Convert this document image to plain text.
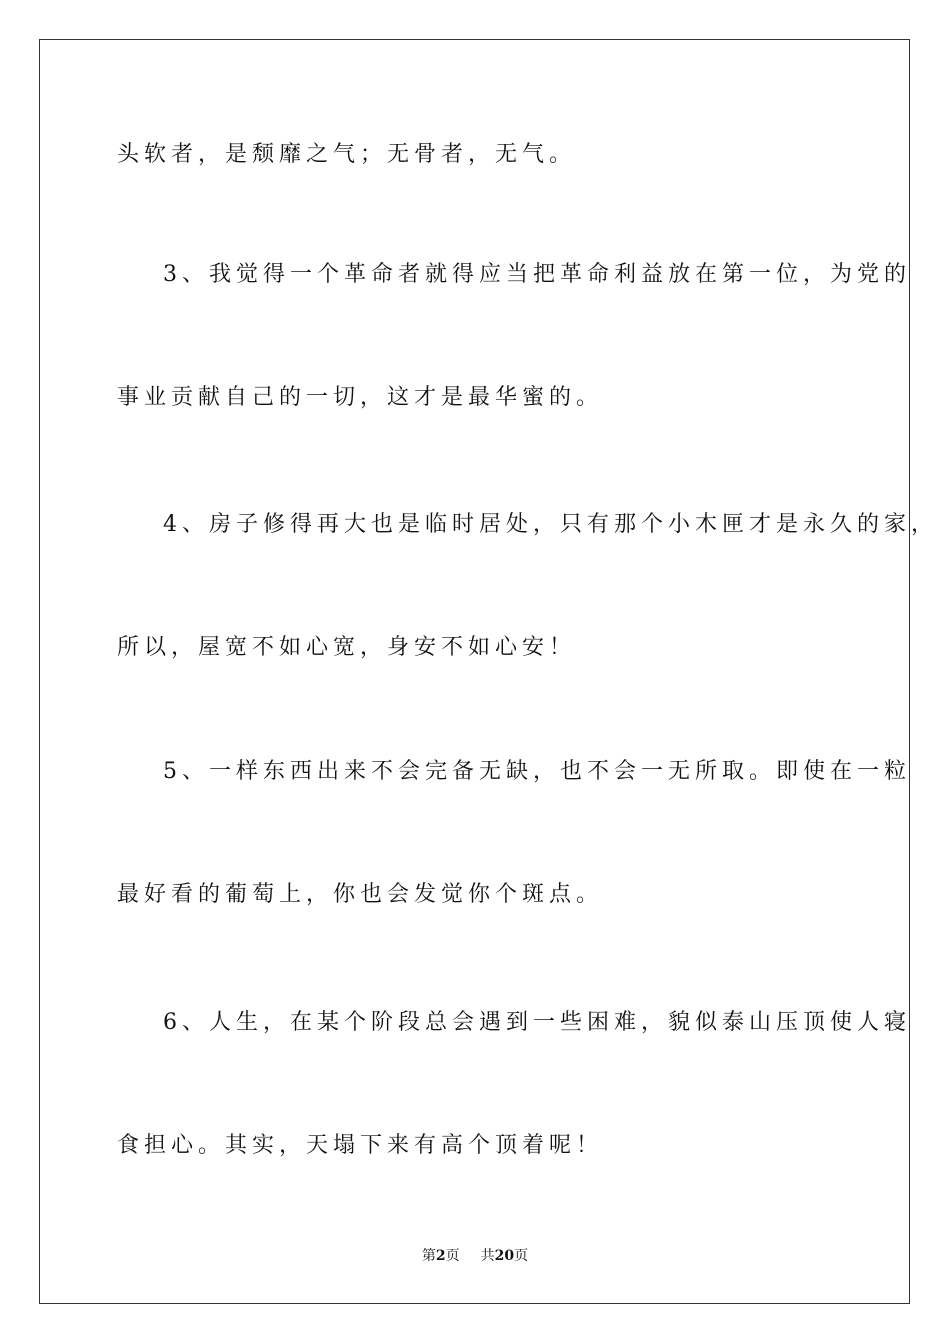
头软者，是颓靡之气；无骨者，无气。
3、我觉得一个革命者就得应当把革命利益放在第一位，为党的
事业贡献自己的一切，这才是最华蜜的。
4、房子修得再大也是临时居处，只有那个小木匣才是永久的家，
所以，屋宽不如心宽，身安不如心安！
5、一样东西出来不会完备无缺，也不会一无所取。即使在一粒
最好看的葡萄上，你也会发觉你个斑点。
6、人生，在某个阶段总会遇到一些困难，貌似泰山压顶使人寝
食担心。其实，天塌下来有高个顶着呢！
第2页 共20页
